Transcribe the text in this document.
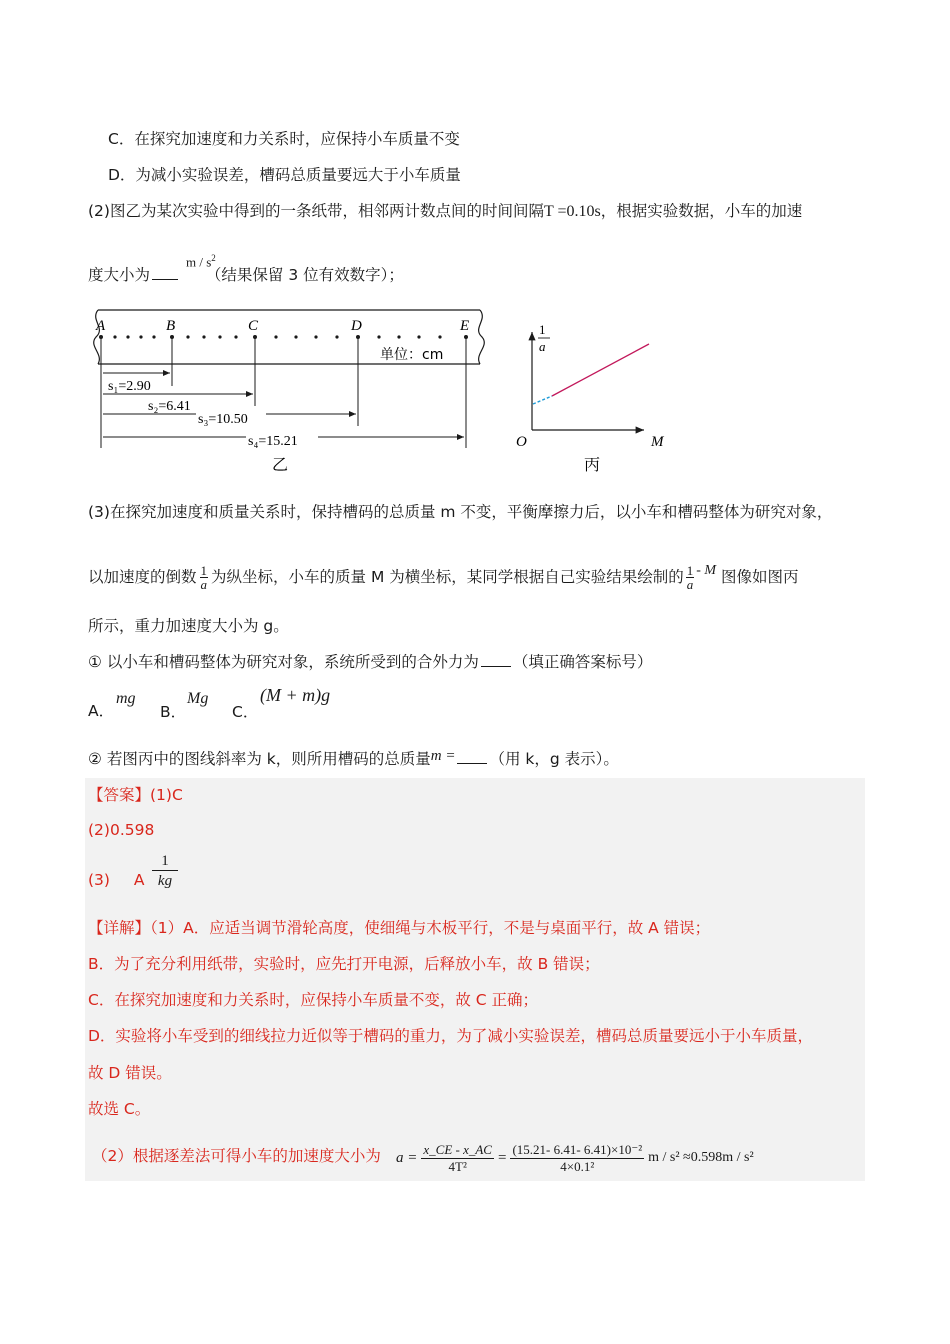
C．在探究加速度和力关系时，应保持小车质量不变
D．为减小实验误差，槽码总质量要远大于小车质量
(2)图乙为某次实验中得到的一条纸带，相邻两计数点间的时间间隔T =0.10s，根据实验数据，小车的加速
度大小为	（结果保留 3 位有效数字）；
m / $s^2$
A	B	C	D	E
单位：cm
s₁=2.90
s₂=6.41
s₃=10.50
s₄=15.21
乙
1
a
O	M
丙
(3)在探究加速度和质量关系时，保持槽码的总质量 m 不变，平衡摩擦力后，以小车和槽码整体为研究对象，
以加速度的倒数 $\frac{1}{a}$ 为纵坐标，小车的质量 M 为横坐标，某同学根据自己实验结果绘制的 $\frac{1}{a}$ - M 图像如图丙
所示，重力加速度大小为 g。
① 以小车和槽码整体为研究对象，系统所受到的合外力为 （填正确答案标号）
A．
mg
B．
Mg
C．
(M + m)g
② 若图丙中的图线斜率为 k，则所用槽码的总质量m = （用 k，g 表示）。
【答案】(1)C
(2)0.598
(3) A
1
kg
【详解】（1）A．应适当调节滑轮高度，使细绳与木板平行，不是与桌面平行，故 A 错误；
B．为了充分利用纸带，实验时，应先打开电源，后释放小车，故 B 错误；
C．在探究加速度和力关系时，应保持小车质量不变，故 C 正确；
D．实验将小车受到的细线拉力近似等于槽码的重力，为了减小实验误差，槽码总质量要远小于小车质量，
故 D 错误。
故选 C。
（2）根据逐差法可得小车的加速度大小为 $a = \frac{x\_CE - x\_AC}{\text{4T²}} = \frac{\text{(15.21- 6.41- 6.41)×10⁻²}}{\text{4×0.1²}}$ m / s² ≈0.598m / s²
